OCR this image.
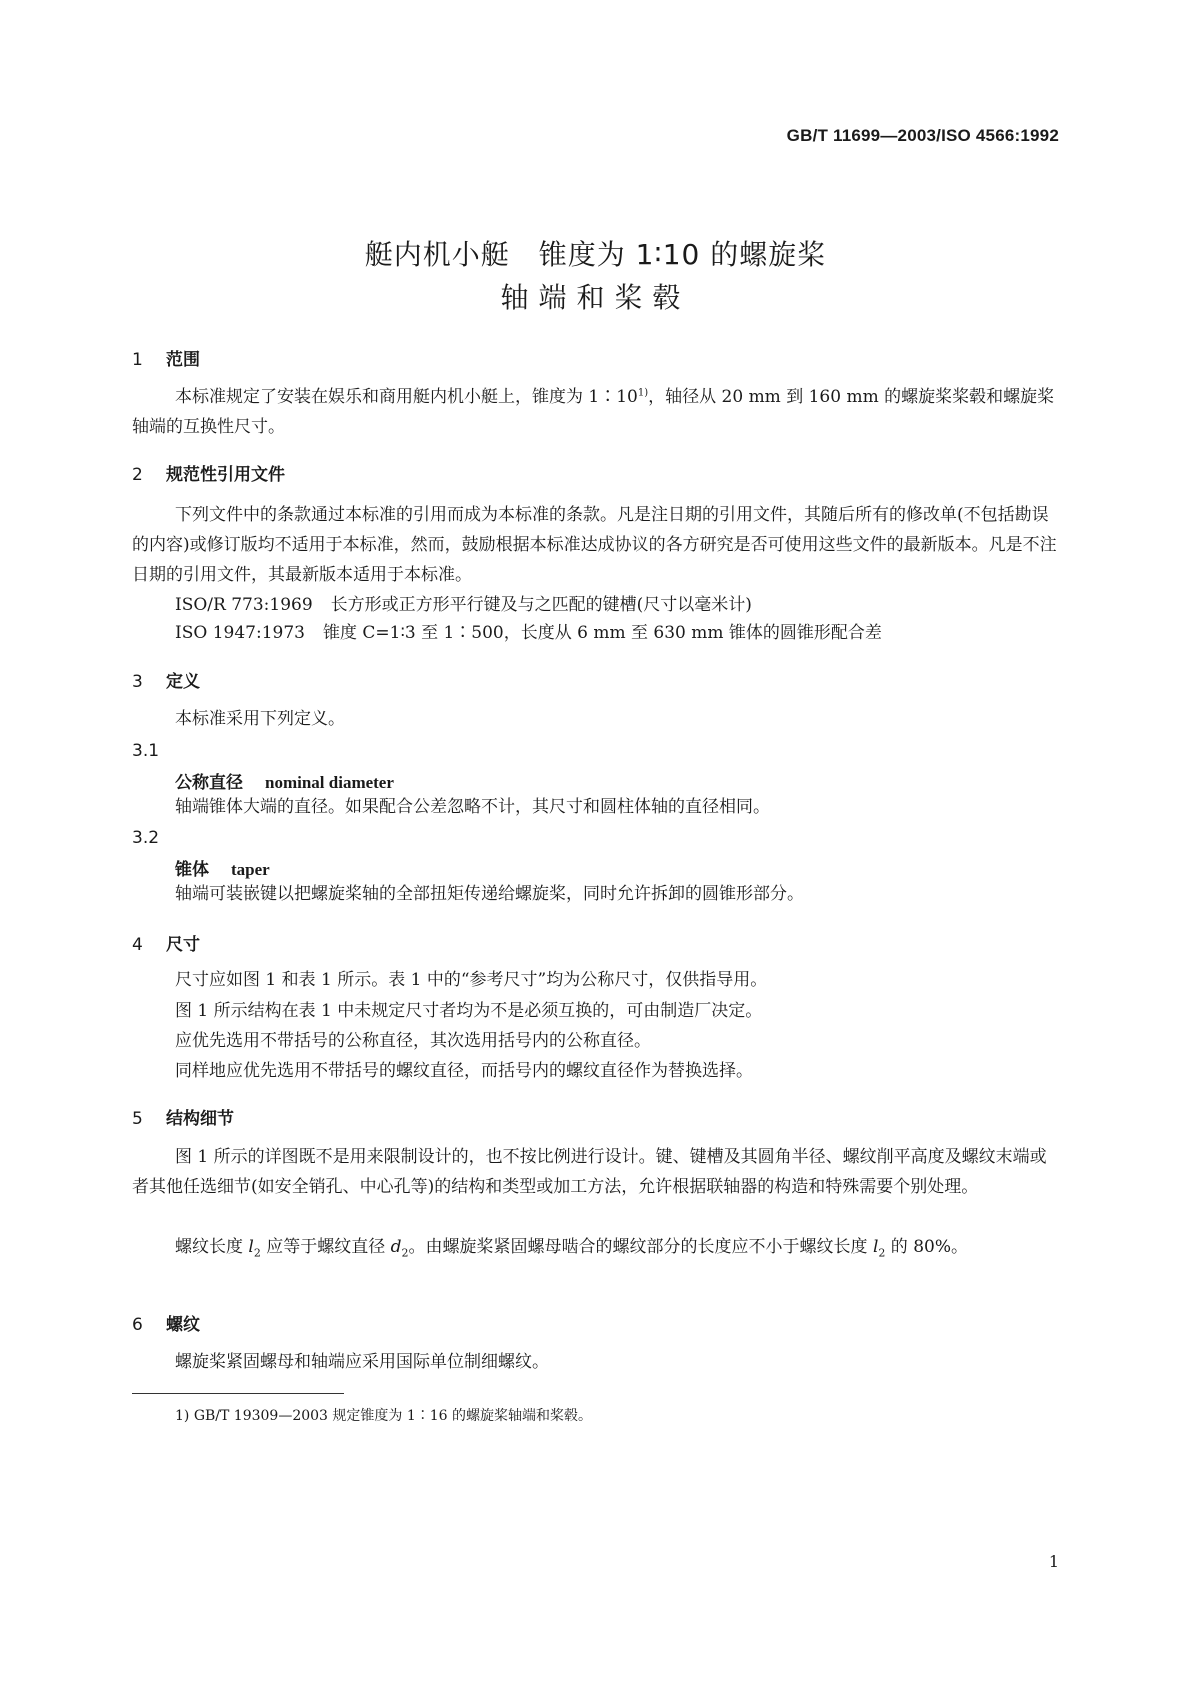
GB/T 11699—2003/ISO 4566:1992
艇内机小艇　锥度为 1∶10 的螺旋桨
轴端和桨毂
1 范围
本标准规定了安装在娱乐和商用艇内机小艇上，锥度为 1∶10$^{1)}$，轴径从 20 mm 到 160 mm 的螺旋桨桨毂和螺旋桨轴端的互换性尺寸。
2 规范性引用文件
下列文件中的条款通过本标准的引用而成为本标准的条款。凡是注日期的引用文件，其随后所有的修改单(不包括勘误的内容)或修订版均不适用于本标准，然而，鼓励根据本标准达成协议的各方研究是否可使用这些文件的最新版本。凡是不注日期的引用文件，其最新版本适用于本标准。
ISO/R 773:1969 长方形或正方形平行键及与之匹配的键槽(尺寸以毫米计)
ISO 1947:1973 锥度 C=1∶3 至 1∶500，长度从 6 mm 至 630 mm 锥体的圆锥形配合差
3 定义
本标准采用下列定义。
3.1
公称直径 nominal diameter
轴端锥体大端的直径。如果配合公差忽略不计，其尺寸和圆柱体轴的直径相同。
3.2
锥体 taper
轴端可装嵌键以把螺旋桨轴的全部扭矩传递给螺旋桨，同时允许拆卸的圆锥形部分。
4 尺寸
尺寸应如图 1 和表 1 所示。表 1 中的“参考尺寸”均为公称尺寸，仅供指导用。
图 1 所示结构在表 1 中未规定尺寸者均为不是必须互换的，可由制造厂决定。
应优先选用不带括号的公称直径，其次选用括号内的公称直径。
同样地应优先选用不带括号的螺纹直径，而括号内的螺纹直径作为替换选择。
5 结构细节
图 1 所示的详图既不是用来限制设计的，也不按比例进行设计。键、键槽及其圆角半径、螺纹削平高度及螺纹末端或者其他任选细节(如安全销孔、中心孔等)的结构和类型或加工方法，允许根据联轴器的构造和特殊需要个别处理。
螺纹长度 $l_2$ 应等于螺纹直径 $d_2$。由螺旋桨紧固螺母啮合的螺纹部分的长度应不小于螺纹长度 $l_2$ 的 80%。
6 螺纹
螺旋桨紧固螺母和轴端应采用国际单位制细螺纹。
1) GB/T 19309—2003 规定锥度为 1∶16 的螺旋桨轴端和桨毂。
1
